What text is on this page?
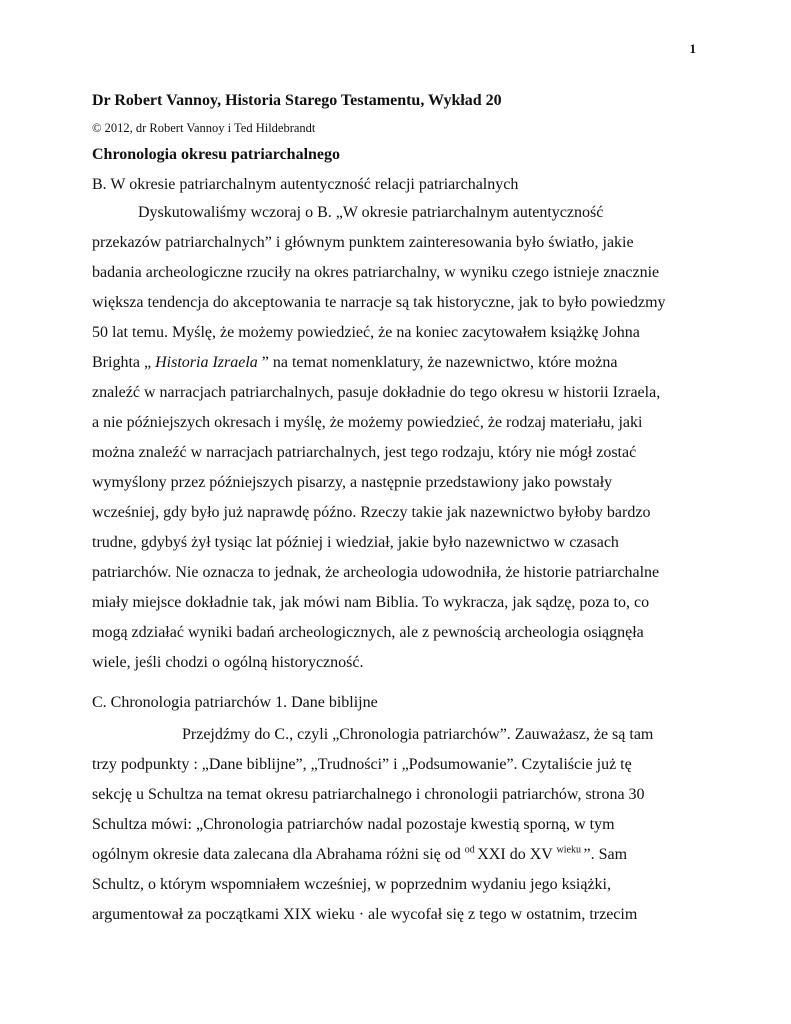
1
Dr Robert Vannoy, Historia Starego Testamentu, Wykład 20
© 2012, dr Robert Vannoy i Ted Hildebrandt
Chronologia okresu patriarchalnego
B. W okresie patriarchalnym autentyczność relacji patriarchalnych
Dyskutowaliśmy wczoraj o B. „W okresie patriarchalnym autentyczność
przekazów patriarchalnych” i głównym punktem zainteresowania było światło, jakie
badania archeologiczne rzuciły na okres patriarchalny, w wyniku czego istnieje znacznie
większa tendencja do akceptowania te narracje są tak historyczne, jak to było powiedzmy
50 lat temu. Myślę, że możemy powiedzieć, że na koniec zacytowałem książkę Johna
Brighta „ Historia Izraela ” na temat nomenklatury, że nazewnictwo, które można
znaleźć w narracjach patriarchalnych, pasuje dokładnie do tego okresu w historii Izraela,
a nie późniejszych okresach i myślę, że możemy powiedzieć, że rodzaj materiału, jaki
można znaleźć w narracjach patriarchalnych, jest tego rodzaju, który nie mógł zostać
wymyślony przez późniejszych pisarzy, a następnie przedstawiony jako powstały
wcześniej, gdy było już naprawdę późno. Rzeczy takie jak nazewnictwo byłoby bardzo
trudne, gdybyś żył tysiąc lat później i wiedział, jakie było nazewnictwo w czasach
patriarchów. Nie oznacza to jednak, że archeologia udowodniła, że historie patriarchalne
miały miejsce dokładnie tak, jak mówi nam Biblia. To wykracza, jak sądzę, poza to, co
mogą zdziałać wyniki badań archeologicznych, ale z pewnością archeologia osiągnęła
wiele, jeśli chodzi o ogólną historyczność.
C. Chronologia patriarchów 1. Dane biblijne
Przejdźmy do C., czyli „Chronologia patriarchów”. Zauważasz, że są tam
trzy podpunkty : „Dane biblijne”, „Trudności” i „Podsumowanie”. Czytaliście już tę
sekcję u Schultza na temat okresu patriarchalnego i chronologii patriarchów, strona 30
Schultza mówi: „Chronologia patriarchów nadal pozostaje kwestią sporną, w tym
ogólnym okresie data zalecana dla Abrahama różni się od $^{od}$ XXI do XV $^{wieku}$ ”. Sam
Schultz, o którym wspomniałem wcześniej, w poprzednim wydaniu jego książki,
argumentował za początkami XIX wieku · ale wycofał się z tego w ostatnim, trzecim
